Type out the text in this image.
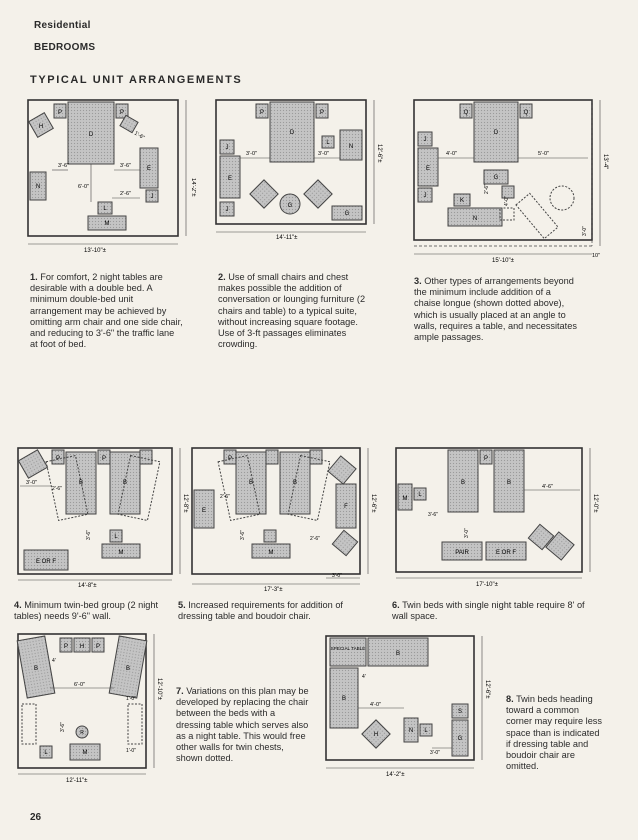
Residential
BEDROOMS
TYPICAL UNIT ARRANGEMENTS
P	P
D
H
E
J
N
L
M
3'-6"	3'-6"
6'-0"
2'-6"
1'-6"
13'-10"±
14'-2"±
1. For comfort, 2 night tables are desirable with a double bed. A minimum double-bed unit arrangement may be achieved by omitting arm chair and one side chair, and reducing to 3'-6" the traffic lane at foot of bed.
P	P
D
N
L
J
E
J
G
G
3'-0"	3'-0"
14'-11"±
12'-6"±
2. Use of small chairs and chest makes possible the addition of conversation or lounging furniture (2 chairs and table) to a typical suite, without increasing square footage. Use of 3-ft passages eliminates crowding.
Q	Q
D
J
E
J
G
K
N
4'-0"	5'-0"
2'-6"
4'-0"
3'-0"
15'-10"±
10"
13'-4"
3. Other types of arrangements beyond the minimum include addition of a chaise longue (shown dotted above), which is usually placed at an angle to walls, requires a table, and necessitates ample passages.
P	P
B	B
L
M
E OR F
3'-0"
2'-6"
3'-6"
14'-8"±
12'-8"±
4. Minimum twin-bed group (2 night tables) needs 9'-6" wall.
P
B	B
E
F
M
2'-6"
3'-6"	2'-6"
3'-0"
17'-3"±
12'-6"±
5. Increased requirements for addition of dressing table and boudoir chair.
B
P
B
M
L
PAIR	E OR F
3'-6"
4'-6"
3'-0"
17'-10"±
12'-0"±
6. Twin beds with single night table require 8' of wall space.
B	B
P H P
R
L	M
6'-0"
3'-6"
4'
1'-0"
1'-0"
12'-11"±
12'-10"± 7. Variations on this plan may be developed by replacing the chair between the beds with a dressing table which serves also as a night table. This would free other walls for twin chests, shown dotted.
SPECIAL TABLE
B
B
H
N L
S
G
4'-0"
3'-0"
4'
14'-2"±
12'-6"±
8. Twin beds heading toward a common corner may require less space than is indicated if dressing table and boudoir chair are omitted.
26
